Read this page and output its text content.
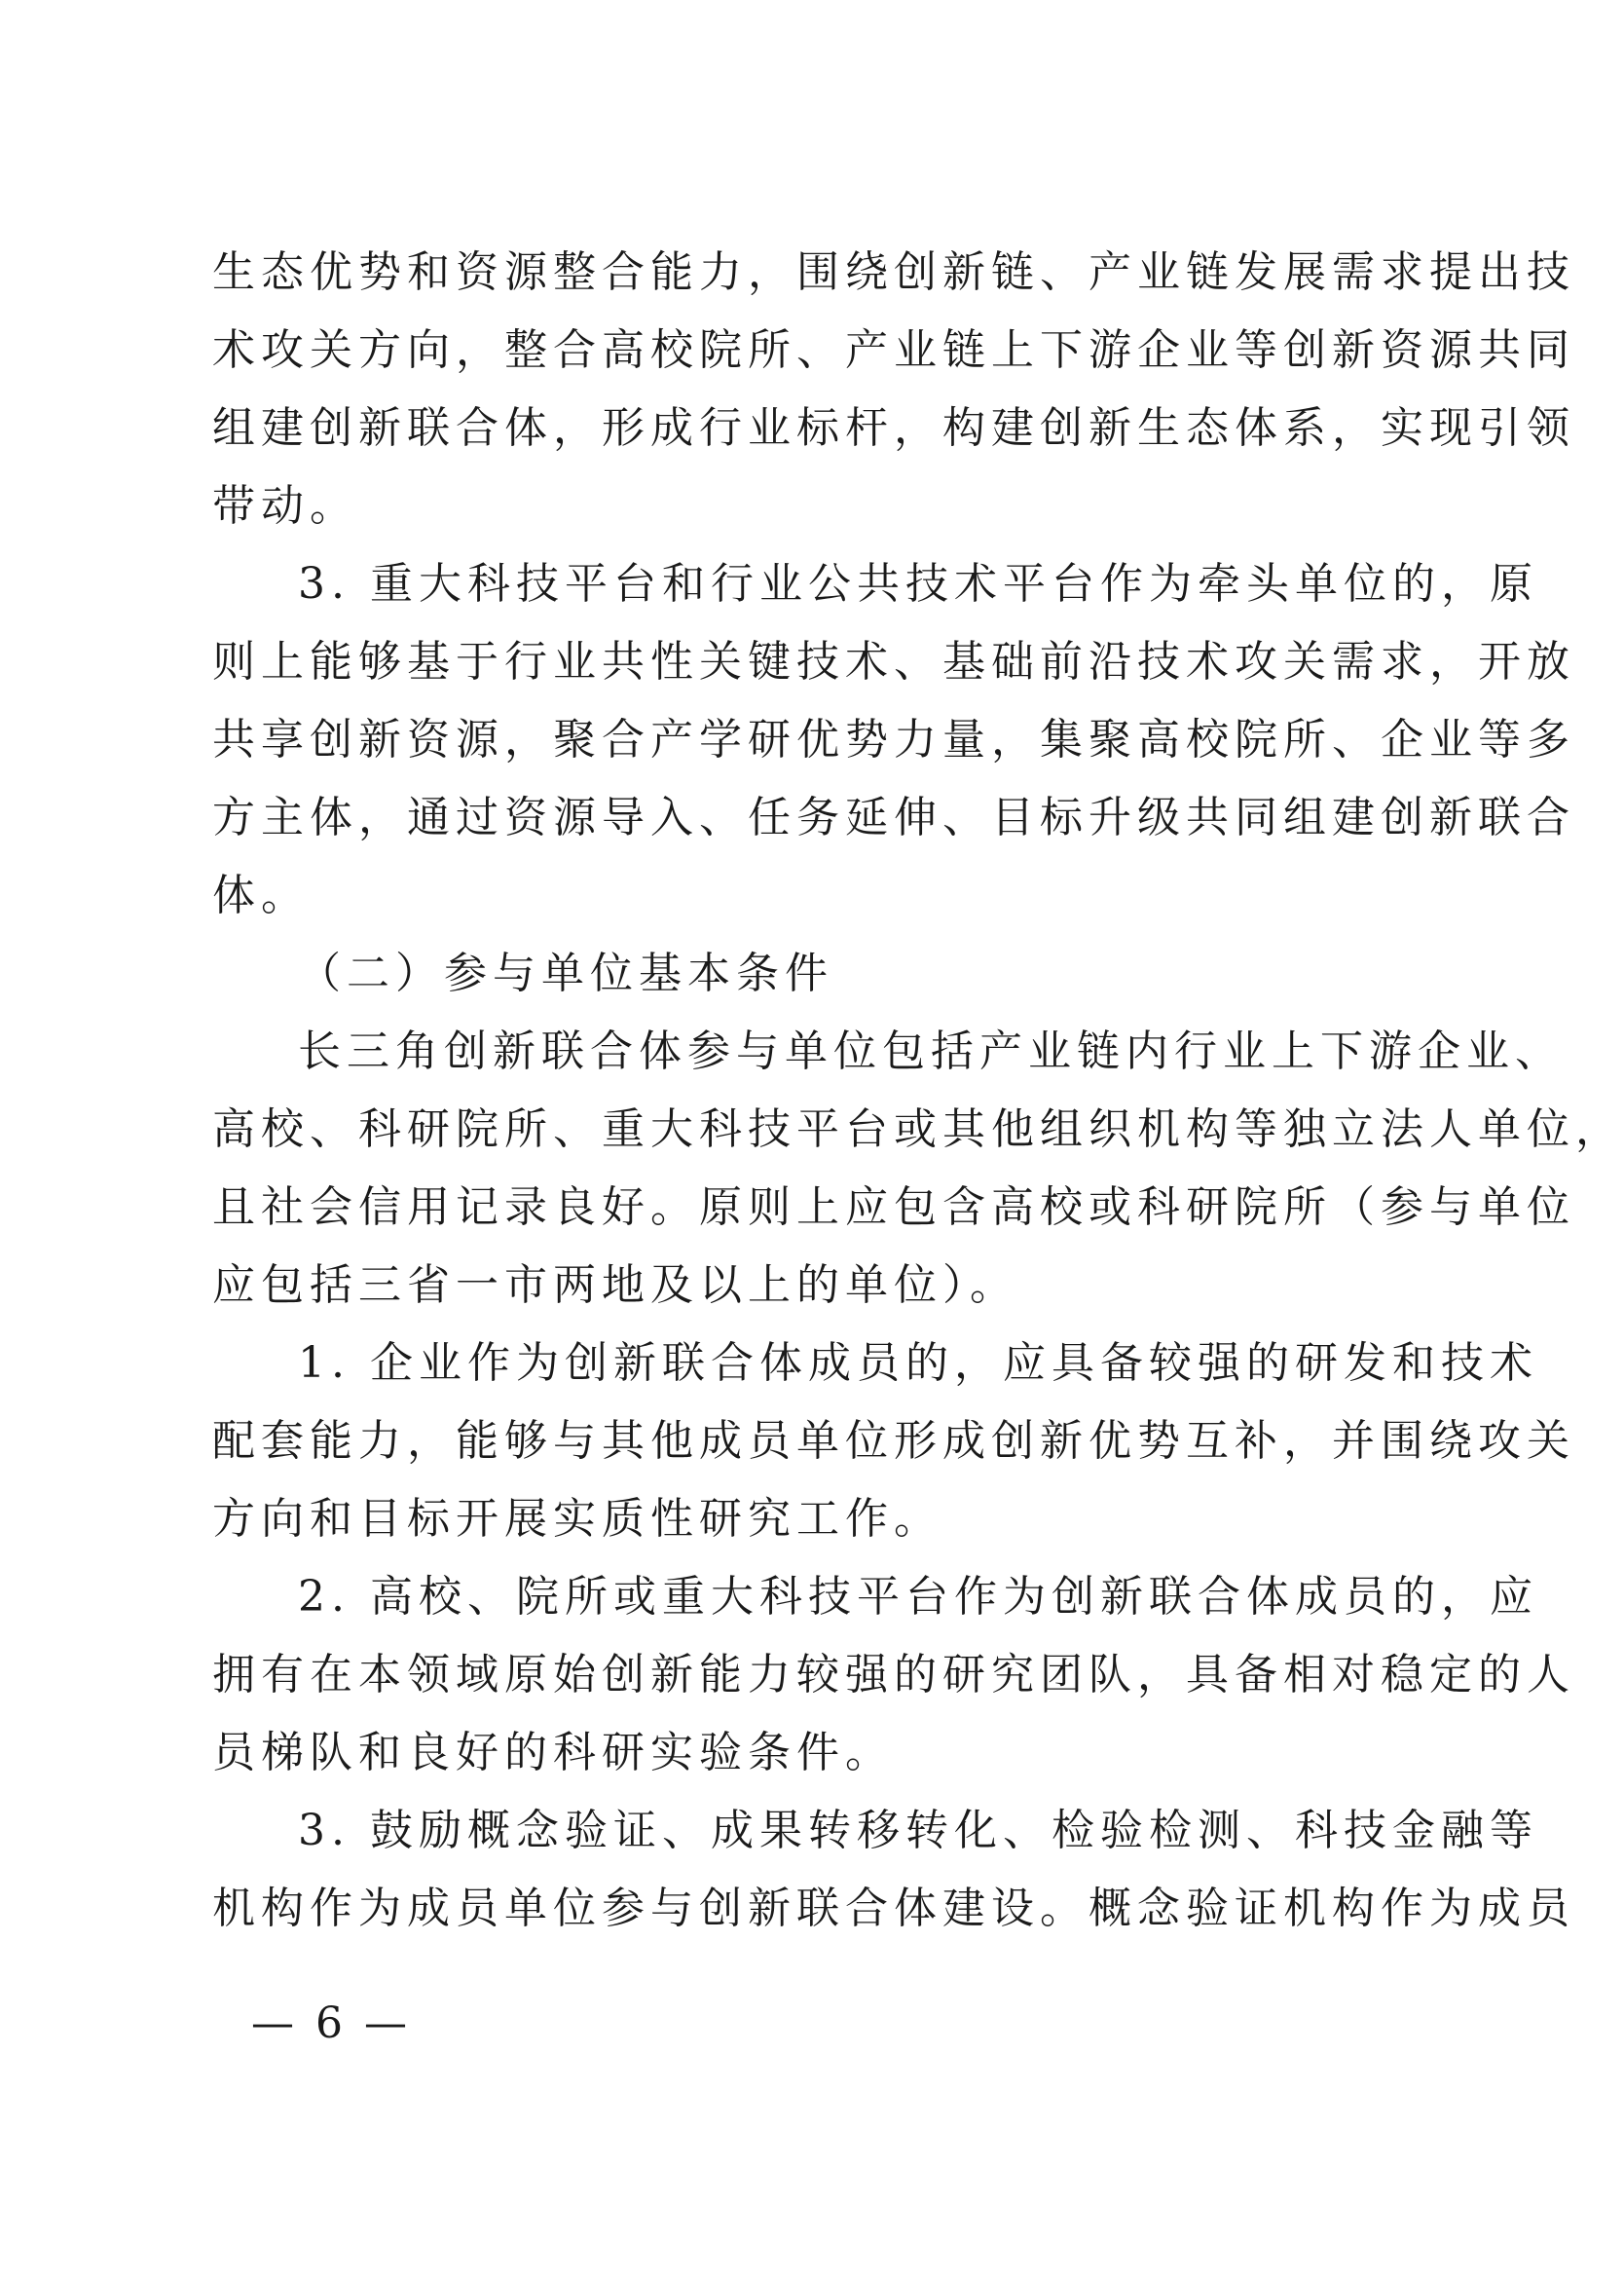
生态优势和资源整合能力，围绕创新链、产业链发展需求提出技
术攻关方向，整合高校院所、产业链上下游企业等创新资源共同
组建创新联合体，形成行业标杆，构建创新生态体系，实现引领
带动。
3. 重大科技平台和行业公共技术平台作为牵头单位的，原
则上能够基于行业共性关键技术、基础前沿技术攻关需求，开放
共享创新资源，聚合产学研优势力量，集聚高校院所、企业等多
方主体，通过资源导入、任务延伸、目标升级共同组建创新联合
体。
（二）参与单位基本条件
长三角创新联合体参与单位包括产业链内行业上下游企业、
高校、科研院所、重大科技平台或其他组织机构等独立法人单位，
且社会信用记录良好。原则上应包含高校或科研院所（参与单位
应包括三省一市两地及以上的单位）。
1. 企业作为创新联合体成员的，应具备较强的研发和技术
配套能力，能够与其他成员单位形成创新优势互补，并围绕攻关
方向和目标开展实质性研究工作。
2. 高校、院所或重大科技平台作为创新联合体成员的，应
拥有在本领域原始创新能力较强的研究团队，具备相对稳定的人
员梯队和良好的科研实验条件。
3. 鼓励概念验证、成果转移转化、检验检测、科技金融等
机构作为成员单位参与创新联合体建设。概念验证机构作为成员
— 6 —
